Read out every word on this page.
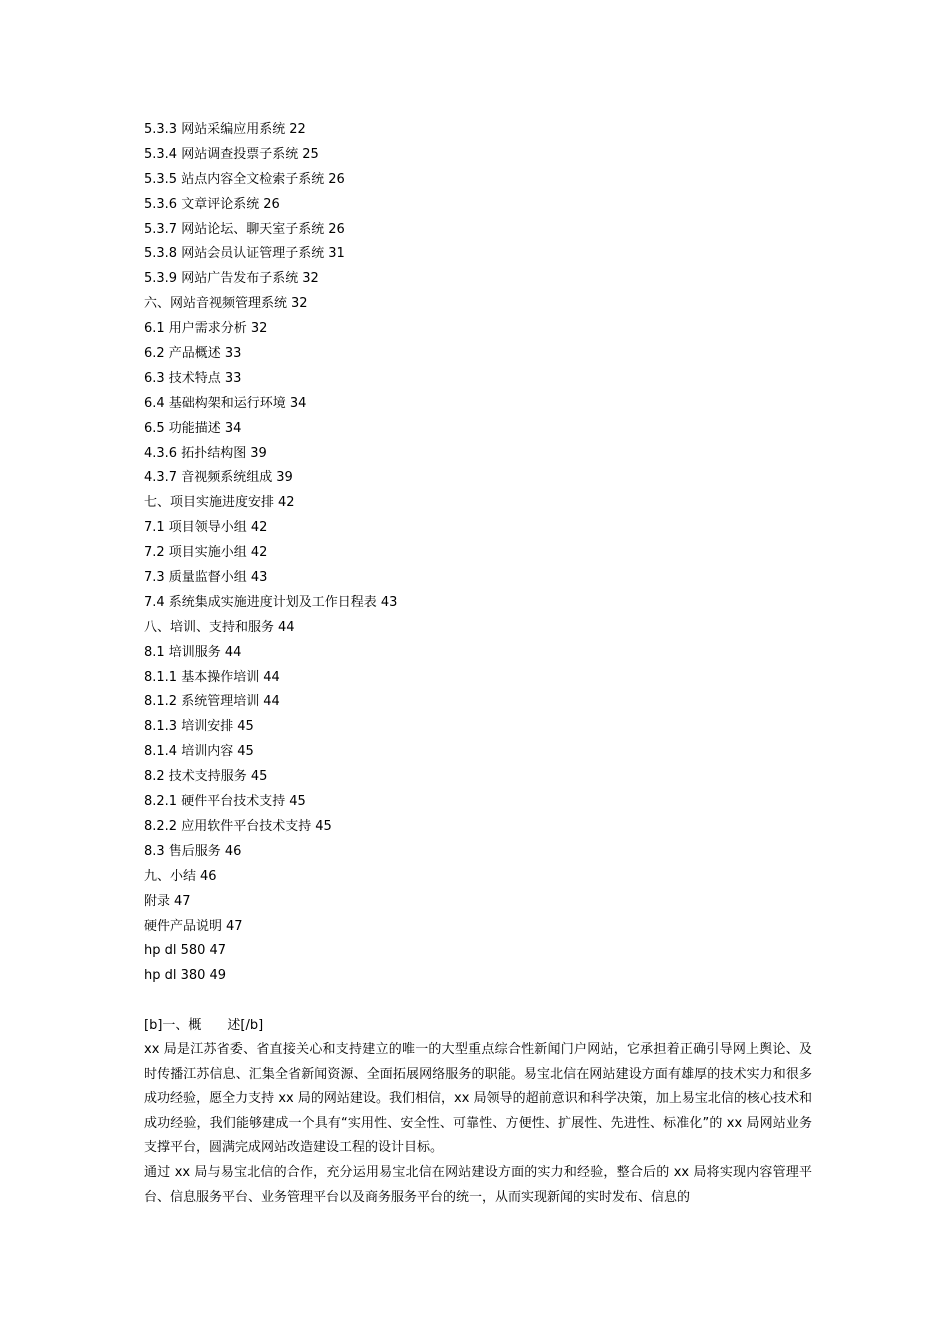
5.3.3 网站采编应用系统 22
5.3.4 网站调查投票子系统 25
5.3.5 站点内容全文检索子系统 26
5.3.6 文章评论系统 26
5.3.7 网站论坛、聊天室子系统 26
5.3.8 网站会员认证管理子系统 31
5.3.9 网站广告发布子系统 32
六、网站音视频管理系统 32
6.1 用户需求分析 32
6.2 产品概述 33
6.3 技术特点 33
6.4 基础构架和运行环境 34
6.5 功能描述 34
4.3.6 拓扑结构图 39
4.3.7 音视频系统组成 39
七、项目实施进度安排 42
7.1 项目领导小组 42
7.2 项目实施小组 42
7.3 质量监督小组 43
7.4 系统集成实施进度计划及工作日程表 43
八、培训、支持和服务 44
8.1 培训服务 44
8.1.1 基本操作培训 44
8.1.2 系统管理培训 44
8.1.3 培训安排 45
8.1.4 培训内容 45
8.2 技术支持服务 45
8.2.1 硬件平台技术支持 45
8.2.2 应用软件平台技术支持 45
8.3 售后服务 46
九、小结 46
附录 47
硬件产品说明 47
hp dl 580 47
hp dl 380 49
[b]一、概　　述[/b]

xx 局是江苏省委、省直接关心和支持建立的唯一的大型重点综合性新闻门户网站，它承担着正确引导网上舆论、及时传播江苏信息、汇集全省新闻资源、全面拓展网络服务的职能。易宝北信在网站建设方面有雄厚的技术实力和很多成功经验，愿全力支持 xx 局的网站建设。我们相信，xx 局领导的超前意识和科学决策，加上易宝北信的核心技术和成功经验，我们能够建成一个具有“实用性、安全性、可靠性、方便性、扩展性、先进性、标准化”的 xx 局网站业务支撑平台，圆满完成网站改造建设工程的设计目标。

通过 xx 局与易宝北信的合作，充分运用易宝北信在网站建设方面的实力和经验，整合后的 xx 局将实现内容管理平台、信息服务平台、业务管理平台以及商务服务平台的统一，从而实现新闻的实时发布、信息的
